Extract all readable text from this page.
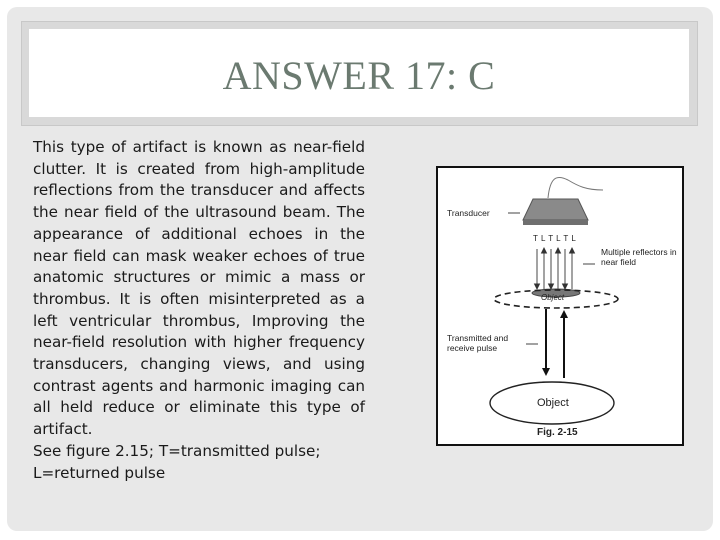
ANSWER 17: C

This type of artifact is known as near-field clutter. It is created from high-amplitude reflections from the transducer and affects the near field of the ultrasound beam. The appearance of additional echoes in the near field can mask weaker echoes of true anatomic structures or mimic a mass or thrombus. It is often misinterpreted as a left ventricular thrombus, Improving the near-field resolution with higher frequency transducers, changing views, and using contrast agents and harmonic imaging can all held reduce or eliminate this type of artifact.

See figure 2.15; T=transmitted pulse; L=returned pulse

Transducer
T L T L T L
Multiple reflectors in near field
Object
Transmitted and receive pulse
Object
Fig. 2-15
